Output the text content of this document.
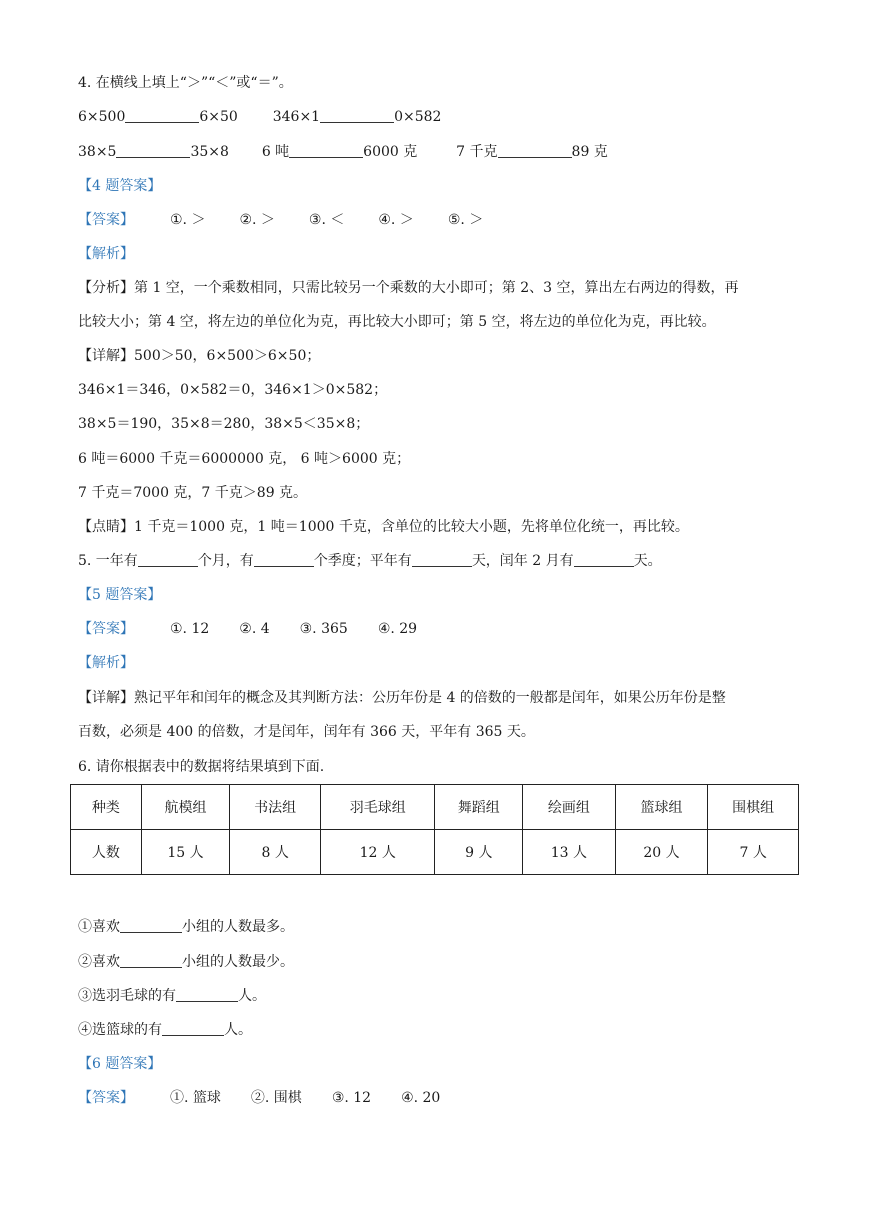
4. 在横线上填上“＞”“＜”或“＝”。
6×500	6×50 346×1	0×582
38×5	35×8 6 吨	6000 克	7 千克	89 克
【4 题答案】
【答案】	①. ＞ ②. ＞ ③. ＜ ④. ＞ ⑤. ＞
【解析】
【分析】第 1 空，一个乘数相同，只需比较另一个乘数的大小即可；第 2、3 空，算出左右两边的得数，再
比较大小；第 4 空，将左边的单位化为克，再比较大小即可；第 5 空，将左边的单位化为克，再比较。
【详解】500＞50，6×500＞6×50；
346×1＝346，0×582＝0，346×1＞0×582；
38×5＝190，35×8＝280，38×5＜35×8；
6 吨＝6000 千克＝6000000 克， 6 吨＞6000 克；
7 千克＝7000 克，7 千克＞89 克。
【点睛】1 千克＝1000 克，1 吨＝1000 千克，含单位的比较大小题，先将单位化统一，再比较。
5. 一年有	个月，有	个季度；平年有	天，闰年 2 月有	天。
【5 题答案】
【答案】	①. 12 ②. 4 ③. 365 ④. 29
【解析】
【详解】熟记平年和闰年的概念及其判断方法：公历年份是 4 的倍数的一般都是闰年，如果公历年份是整
百数，必须是 400 的倍数，才是闰年，闰年有 366 天，平年有 365 天。
6. 请你根据表中的数据将结果填到下面.
种类	航模组	书法组	羽毛球组	舞蹈组	绘画组	篮球组	围棋组
人数	15 人	8 人	12 人	9 人	13 人	20 人	7 人
①喜欢	小组的人数最多。
②喜欢	小组的人数最少。
③选羽毛球的有	人。
④选篮球的有	人。
【6 题答案】
【答案】	①. 篮球 ②. 围棋 ③. 12 ④. 20
